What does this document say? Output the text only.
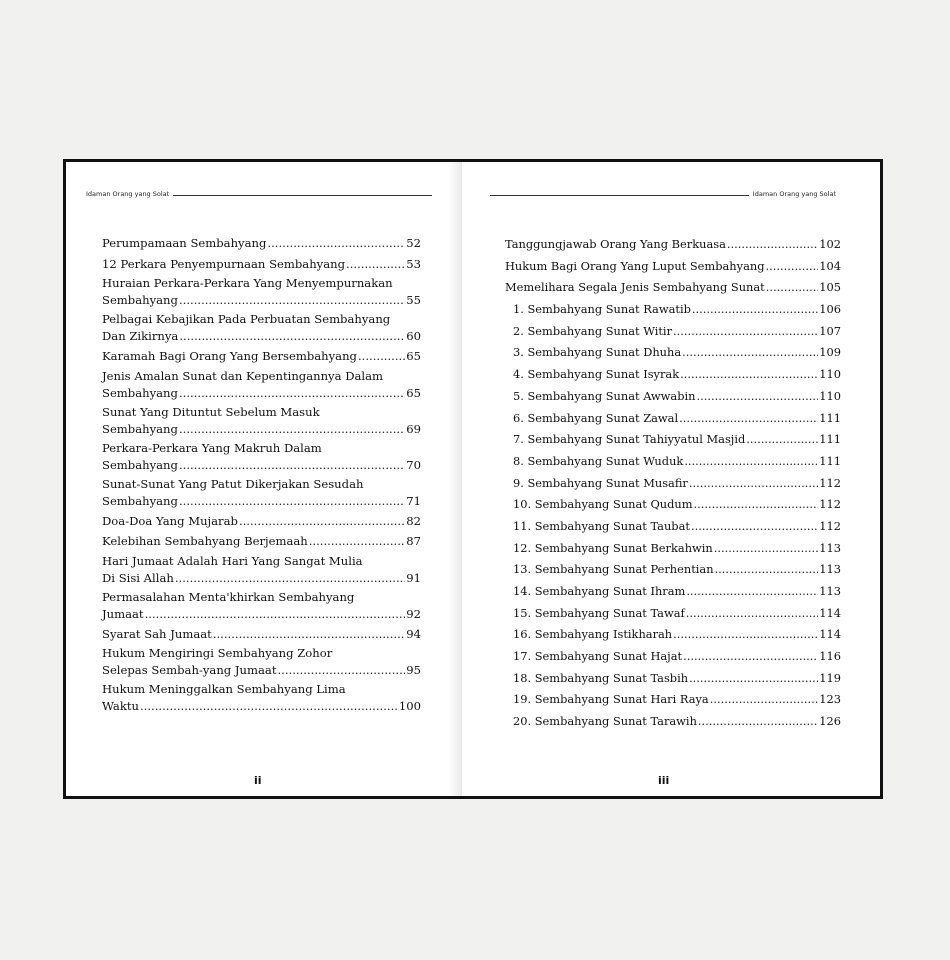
Idaman Orang yang Solat
Perumpamaan Sembahyang .....	52
12 Perkara Penyempurnaan Sembahyang .....	53
Huraian Perkara-Perkara Yang Menyempurnakan
Sembahyang .....	55
Pelbagai Kebajikan Pada Perbuatan Sembahyang
Dan Zikirnya .....	60
Karamah Bagi Orang Yang Bersembahyang .....	65
Jenis Amalan Sunat dan Kepentingannya Dalam
Sembahyang .....	65
Sunat Yang Dituntut Sebelum Masuk
Sembahyang .....	69
Perkara-Perkara Yang Makruh Dalam
Sembahyang .....	70
Sunat-Sunat Yang Patut Dikerjakan Sesudah
Sembahyang .....	71
Doa-Doa Yang Mujarab .....	82
Kelebihan Sembahyang Berjemaah .....	87
Hari Jumaat Adalah Hari Yang Sangat Mulia
Di Sisi Allah .....	91
Permasalahan Menta'khirkan Sembahyang
Jumaat .....	92
Syarat Sah Jumaat .....	94
Hukum Mengiringi Sembahyang Zohor
Selepas Sembah-yang Jumaat .....	95
Hukum Meninggalkan Sembahyang Lima
Waktu .....	100
ii
Idaman Orang yang Solat
Tanggungjawab Orang Yang Berkuasa .....	102
Hukum Bagi Orang Yang Luput Sembahyang .....	104
Memelihara Segala Jenis Sembahyang Sunat .....	105
1. Sembahyang Sunat Rawatib .....	106
2. Sembahyang Sunat Witir .....	107
3. Sembahyang Sunat Dhuha .....	109
4. Sembahyang Sunat Isyrak .....	110
5. Sembahyang Sunat Awwabin .....	110
6. Sembahyang Sunat Zawal .....	111
7. Sembahyang Sunat Tahiyyatul Masjid .....	111
8. Sembahyang Sunat Wuduk .....	111
9. Sembahyang Sunat Musafir .....	112
10. Sembahyang Sunat Qudum .....	112
11. Sembahyang Sunat Taubat .....	112
12. Sembahyang Sunat Berkahwin .....	113
13. Sembahyang Sunat Perhentian .....	113
14. Sembahyang Sunat Ihram .....	113
15. Sembahyang Sunat Tawaf .....	114
16. Sembahyang Istikharah .....	114
17. Sembahyang Sunat Hajat .....	116
18. Sembahyang Sunat Tasbih .....	119
19. Sembahyang Sunat Hari Raya .....	123
20. Sembahyang Sunat Tarawih .....	126
iii
